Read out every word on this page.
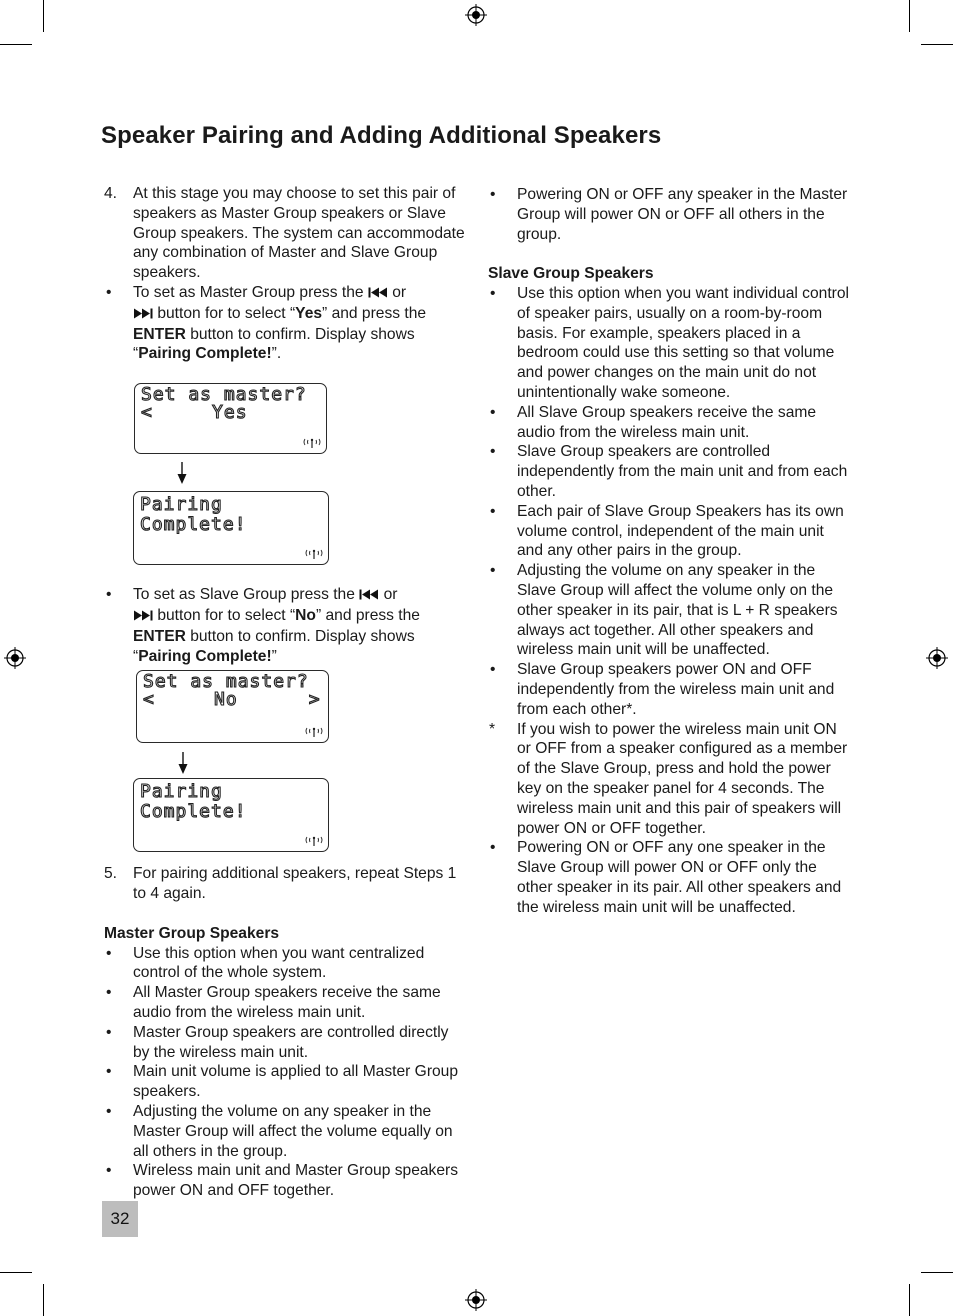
Speaker Pairing and Adding Additional Speakers
4.	At this stage you may choose to set this pair of speakers as Master Group speakers or Slave Group speakers. The system can accommodate any combination of Master and Slave Group speakers.
•	To set as Master Group press the  or
button for to select “Yes” and press the
ENTER button to confirm. Display shows “Pairing Complete!”.
Set as master?
<     Yes
Pairing
Complete!
•	To set as Slave Group press the  or
button for to select “No” and press the
ENTER button to confirm. Display shows “Pairing Complete!”
Set as master?
<     No      >
Pairing
Complete!
5.	For pairing additional speakers, repeat Steps 1 to 4 again.
Master Group Speakers
•	Use this option when you want centralized control of the whole system.
•	All Master Group speakers receive the same audio from the wireless main unit.
•	Master Group speakers are controlled directly by the wireless main unit.
•	Main unit volume is applied to all Master Group speakers.
•	Adjusting the volume on any speaker in the Master Group will affect the volume equally on all others in the group.
•	Wireless main unit and Master Group speakers power ON and OFF together.
•	Powering ON or OFF any speaker in the Master Group will power ON or OFF all others in the group.
Slave Group Speakers
•	Use this option when you want individual control of speaker pairs, usually on a room-by-room basis. For example, speakers placed in a bedroom could use this setting so that volume and power changes on the main unit do not unintentionally wake someone.
•	All Slave Group speakers receive the same audio from the wireless main unit.
•	Slave Group speakers are controlled independently from the main unit and from each other.
•	Each pair of Slave Group Speakers has its own volume control, independent of the main unit and any other pairs in the group.
•	Adjusting the volume on any speaker in the Slave Group will affect the volume only on the other speaker in its pair, that is L + R speakers always act together. All other speakers and wireless main unit will be unaffected.
•	Slave Group speakers power ON and OFF independently from the wireless main unit and from each other*.
*	If you wish to power the wireless main unit ON or OFF from a speaker configured as a member of the Slave Group, press and hold the power key on the speaker panel for 4 seconds. The wireless main unit and this pair of speakers will power ON or OFF together.
•	Powering ON or OFF any one speaker in the Slave Group will power ON or OFF only the other speaker in its pair. All other speakers and the wireless main unit will be unaffected.
32
